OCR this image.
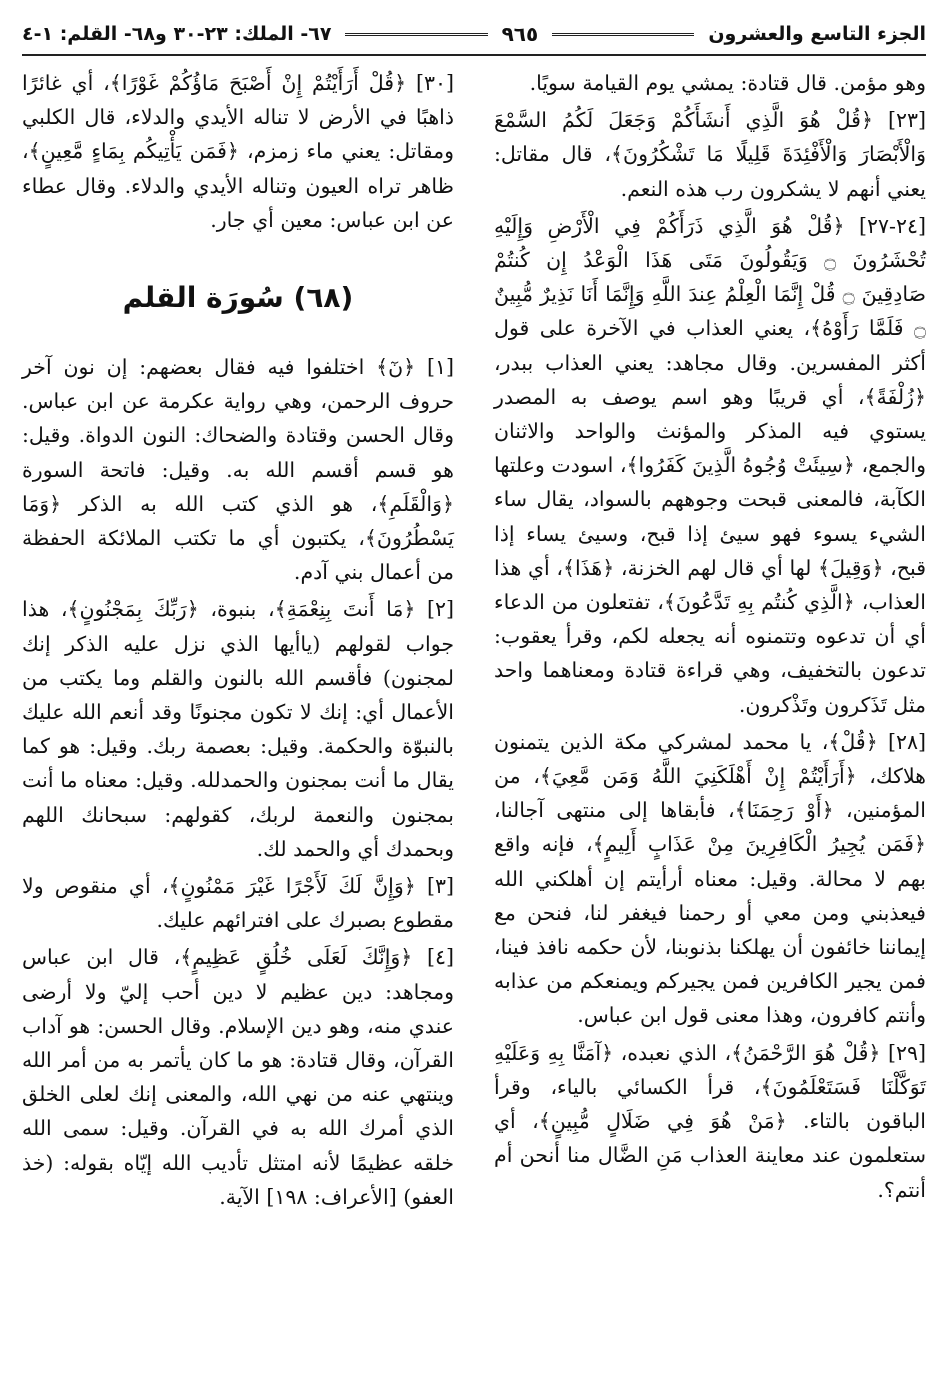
الجزء التاسع والعشرون
٩٦٥
٦٧- الملك: ٢٣-٣٠ و٦٨- القلم: ١-٤

وهو مؤمن. قال قتادة: يمشي يوم القيامة سويًا.

[٢٣] ﴿قُلْ هُوَ الَّذِي أَنشَأَكُمْ وَجَعَلَ لَكُمُ السَّمْعَ وَالْأَبْصَارَ وَالْأَفْئِدَةَ قَلِيلًا مَا تَشْكُرُونَ﴾، قال مقاتل: يعني أنهم لا يشكرون رب هذه النعم.

[٢٤-٢٧] ﴿قُلْ هُوَ الَّذِي ذَرَأَكُمْ فِي الْأَرْضِ وَإِلَيْهِ تُحْشَرُونَ ۝ وَيَقُولُونَ مَتَى هَذَا الْوَعْدُ إِن كُنتُمْ صَادِقِينَ ۝ قُلْ إِنَّمَا الْعِلْمُ عِندَ اللَّهِ وَإِنَّمَا أَنَا نَذِيرٌ مُّبِينٌ ۝ فَلَمَّا رَأَوْهُ﴾، يعني العذاب في الآخرة على قول أكثر المفسرين. وقال مجاهد: يعني العذاب ببدر، ﴿زُلْفَةً﴾، أي قريبًا وهو اسم يوصف به المصدر يستوي فيه المذكر والمؤنث والواحد والاثنان والجمع، ﴿سِيئَتْ وُجُوهُ الَّذِينَ كَفَرُوا﴾، اسودت وعلتها الكآبة، فالمعنى قبحت وجوههم بالسواد، يقال ساء الشيء يسوء فهو سيئ إذا قبح، وسيئ يساء إذا قبح، ﴿وَقِيلَ﴾ لها أي قال لهم الخزنة، ﴿هَذَا﴾، أي هذا العذاب، ﴿الَّذِي كُنتُم بِهِ تَدَّعُونَ﴾، تفتعلون من الدعاء أي أن تدعوه وتتمنوه أنه يجعله لكم، وقرأ يعقوب: تدعون بالتخفيف، وهي قراءة قتادة ومعناهما واحد مثل تَذَكرون وتَذْكرون.

[٢٨] ﴿قُلْ﴾، يا محمد لمشركي مكة الذين يتمنون هلاكك، ﴿أَرَأَيْتُمْ إِنْ أَهْلَكَنِيَ اللَّهُ وَمَن مَّعِيَ﴾، من المؤمنين، ﴿أَوْ رَحِمَنَا﴾، فأبقاها إلى منتهى آجالنا، ﴿فَمَن يُجِيرُ الْكَافِرِينَ مِنْ عَذَابٍ أَلِيمٍ﴾، فإنه واقع بهم لا محالة. وقيل: معناه أرأيتم إن أهلكني الله فيعذبني ومن معي أو رحمنا فيغفر لنا، فنحن مع إيماننا خائفون أن يهلكنا بذنوبنا، لأن حكمه نافذ فينا، فمن يجير الكافرين فمن يجيركم ويمنعكم من عذابه وأنتم كافرون، وهذا معنى قول ابن عباس.

[٢٩] ﴿قُلْ هُوَ الرَّحْمَنُ﴾، الذي نعبده، ﴿آمَنَّا بِهِ وَعَلَيْهِ تَوَكَّلْنَا فَسَتَعْلَمُونَ﴾، قرأ الكسائي بالياء، وقرأ الباقون بالتاء. ﴿مَنْ هُوَ فِي ضَلَالٍ مُّبِينٍ﴾، أي ستعلمون عند معاينة العذاب مَنِ الضَّال منا أنحن أم أنتم؟.

[٣٠] ﴿قُلْ أَرَأَيْتُمْ إِنْ أَصْبَحَ مَاؤُكُمْ غَوْرًا﴾، أي غائرًا ذاهبًا في الأرض لا تناله الأيدي والدلاء، قال الكلبي ومقاتل: يعني ماء زمزم، ﴿فَمَن يَأْتِيكُم بِمَاءٍ مَّعِينٍ﴾، ظاهر تراه العيون وتناله الأيدي والدلاء. وقال عطاء عن ابن عباس: معين أي جار.

(٦٨) سُورَة القلم

[١] ﴿نٓ﴾ اختلفوا فيه فقال بعضهم: إن نون آخر حروف الرحمن، وهي رواية عكرمة عن ابن عباس. وقال الحسن وقتادة والضحاك: النون الدواة. وقيل: هو قسم أقسم الله به. وقيل: فاتحة السورة ﴿وَالْقَلَمِ﴾، هو الذي كتب الله به الذكر ﴿وَمَا يَسْطُرُونَ﴾، يكتبون أي ما تكتب الملائكة الحفظة من أعمال بني آدم.

[٢] ﴿مَا أَنتَ بِنِعْمَةِ﴾، بنبوة، ﴿رَبِّكَ بِمَجْنُونٍ﴾، هذا جواب لقولهم (ياأيها الذي نزل عليه الذكر إنك لمجنون) فأقسم الله بالنون والقلم وما يكتب من الأعمال أي: إنك لا تكون مجنونًا وقد أنعم الله عليك بالنبوّة والحكمة. وقيل: بعصمة ربك. وقيل: هو كما يقال ما أنت بمجنون والحمدلله. وقيل: معناه ما أنت بمجنون والنعمة لربك، كقولهم: سبحانك اللهم وبحمدك أي والحمد لك.

[٣] ﴿وَإِنَّ لَكَ لَأَجْرًا غَيْرَ مَمْنُونٍ﴾، أي منقوص ولا مقطوع بصبرك على افترائهم عليك.

[٤] ﴿وَإِنَّكَ لَعَلَى خُلُقٍ عَظِيمٍ﴾، قال ابن عباس ومجاهد: دين عظيم لا دين أحب إليّ ولا أرضى عندي منه، وهو دين الإسلام. وقال الحسن: هو آداب القرآن، وقال قتادة: هو ما كان يأتمر به من أمر الله وينتهي عنه من نهي الله، والمعنى إنك لعلى الخلق الذي أمرك الله به في القرآن. وقيل: سمى الله خلقه عظيمًا لأنه امتثل تأديب الله إيّاه بقوله: (خذ العفو) [الأعراف: ١٩٨] الآية.
